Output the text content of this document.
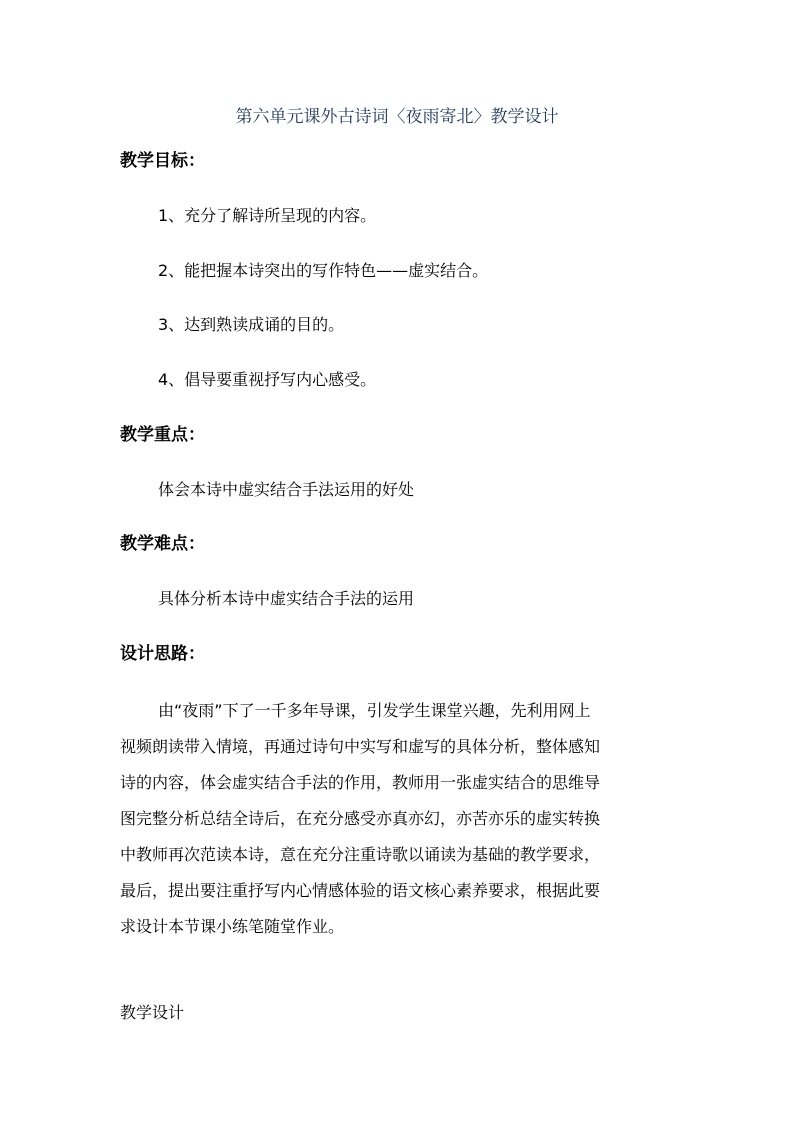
第六单元课外古诗词〈夜雨寄北〉教学设计
教学目标：
1、充分了解诗所呈现的内容。
2、能把握本诗突出的写作特色——虚实结合。
3、达到熟读成诵的目的。
4、倡导要重视抒写内心感受。
教学重点：
体会本诗中虚实结合手法运用的好处
教学难点：
具体分析本诗中虚实结合手法的运用
设计思路：
由“夜雨”下了一千多年导课，引发学生课堂兴趣，先利用网上
视频朗读带入情境，再通过诗句中实写和虚写的具体分析，整体感知
诗的内容，体会虚实结合手法的作用，教师用一张虚实结合的思维导
图完整分析总结全诗后，在充分感受亦真亦幻，亦苦亦乐的虚实转换
中教师再次范读本诗，意在充分注重诗歌以诵读为基础的教学要求，
最后，提出要注重抒写内心情感体验的语文核心素养要求，根据此要
求设计本节课小练笔随堂作业。
教学设计
